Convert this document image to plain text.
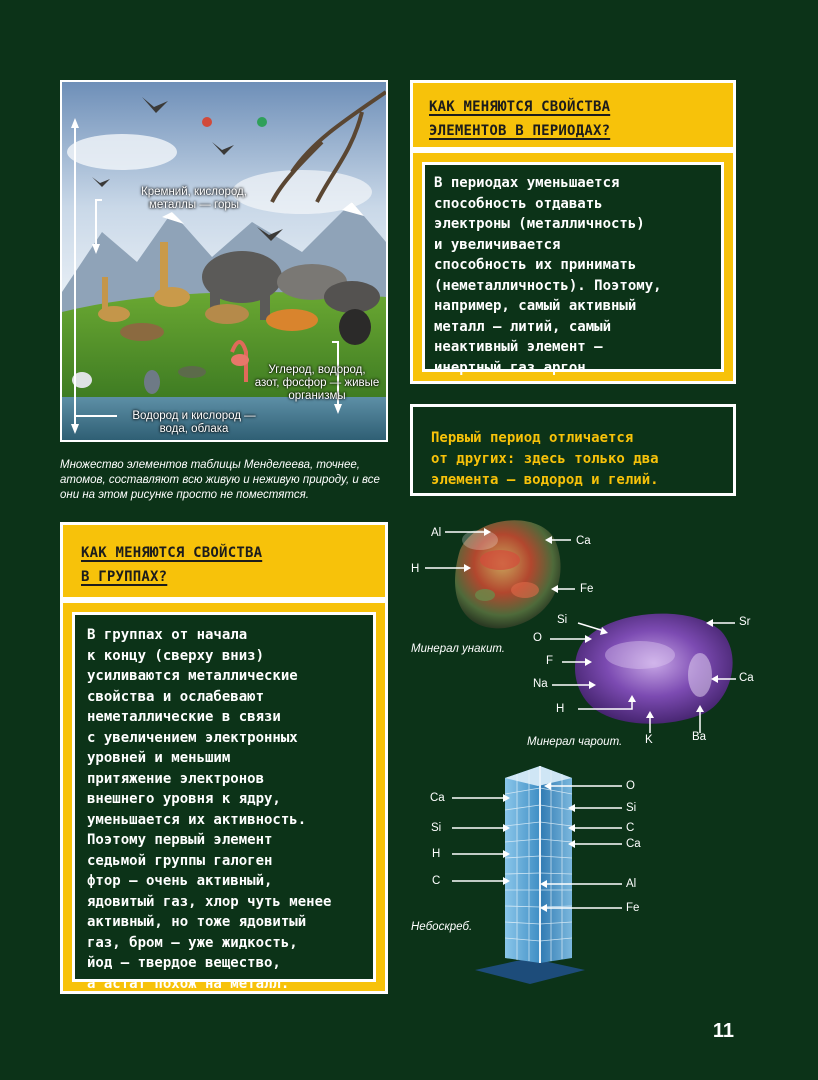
Кремний, кислород,
металлы — горы
Углерод, водород,
азот, фосфор — живые
организмы
Водород и кислород —
вода, облака
Множество элементов таблицы Менделеева, точнее, атомов, составляют всю живую и неживую природу, и все они на этом рисунке просто не поместятся.
КАК МЕНЯЮТСЯ СВОЙСТВА
ЭЛЕМЕНТОВ В ПЕРИОДАХ?

В периодах уменьшается
способность отдавать
электроны (металличность)
и увеличивается
способность их принимать
(неметалличность). Поэтому,
например, самый активный
металл — литий, самый
неактивный элемент —
инертный газ аргон.

Первый период отличается
от других: здесь только два
элемента — водород и гелий.
КАК МЕНЯЮТСЯ СВОЙСТВА
В ГРУППАХ?

В группах от начала
к концу (сверху вниз)
усиливаются металлические
свойства и ослабевают
неметаллические в связи
с увеличением электронных
уровней и меньшим
притяжение электронов
внешнего уровня к ядру,
уменьшается их активность.
Поэтому первый элемент
седьмой группы галоген
фтор — очень активный,
ядовитый газ, хлор чуть менее
активный, но тоже ядовитый
газ, бром — уже жидкость,
йод — твердое вещество,
а астат похож на металл.

Al
Ca
H
Fe
Минерал унакит.
Si	Sr
O
F
Ca
Na
H
K	Ba
Минерал чароит.
Ca
Si
H
C
O
Si
C
Ca
Al
Fe
Небоскреб.
11
